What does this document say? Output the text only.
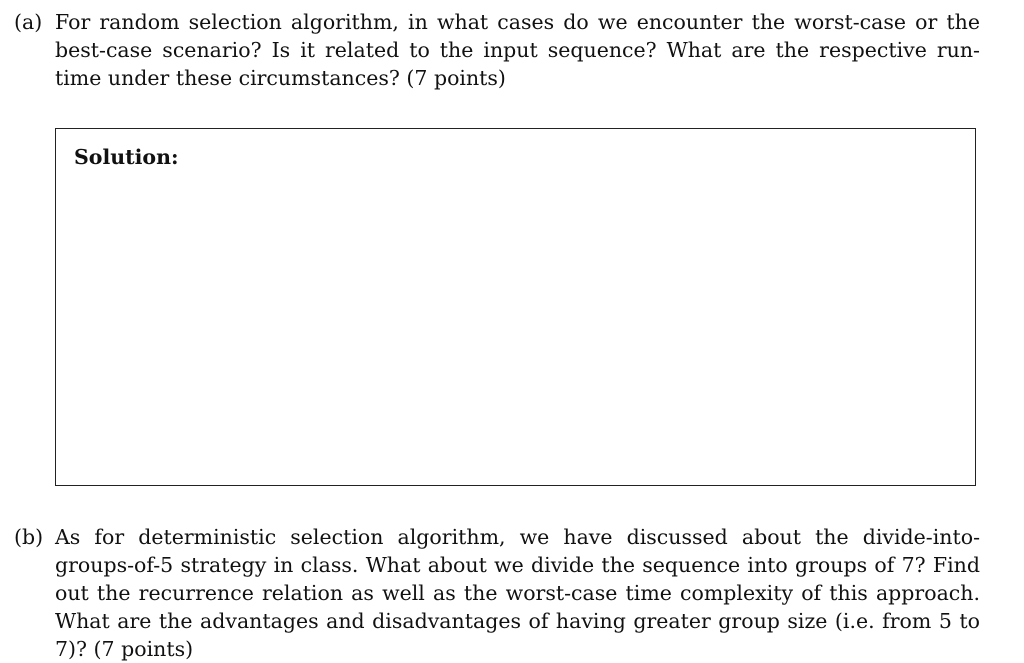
(a) For random selection algorithm, in what cases do we encounter the worst-case or the best-case scenario? Is it related to the input sequence? What are the respective run-time under these circumstances? (7 points)
Solution:
(b) As for deterministic selection algorithm, we have discussed about the divide-into-groups-of-5 strategy in class. What about we divide the sequence into groups of 7? Find out the recurrence relation as well as the worst-case time complexity of this approach. What are the advantages and disadvantages of having greater group size (i.e. from 5 to 7)? (7 points)
